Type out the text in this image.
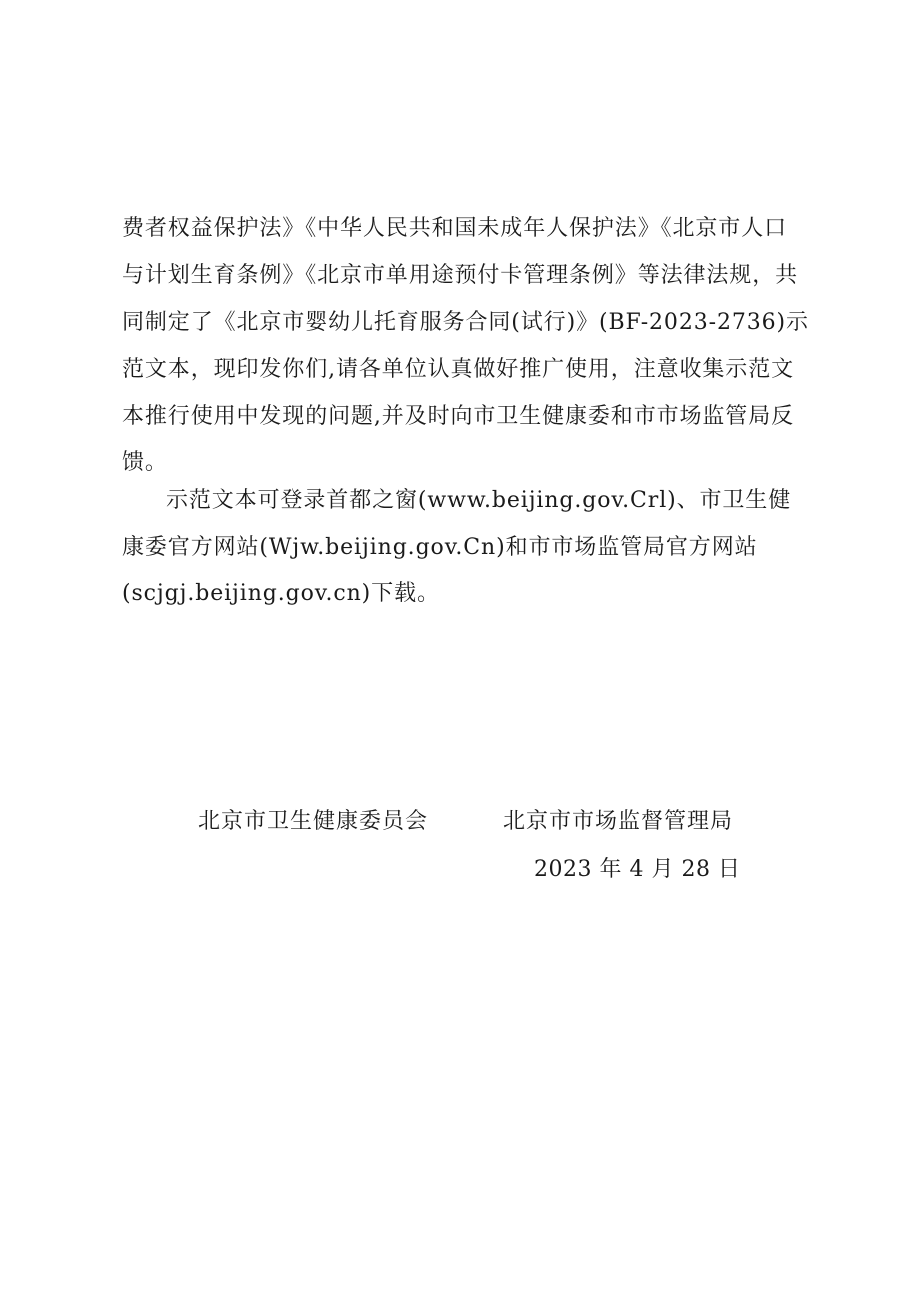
费者权益保护法》《中华人民共和国未成年人保护法》《北京市人口
与计划生育条例》《北京市单用途预付卡管理条例》等法律法规，共
同制定了《北京市婴幼儿托育服务合同(试行)》(BF-2023-2736)示
范文本，现印发你们,请各单位认真做好推广使用，注意收集示范文
本推行使用中发现的问题,并及时向市卫生健康委和市市场监管局反
馈。
示范文本可登录首都之窗(www.beijing.gov.Crl)、市卫生健
康委官方网站(Wjw.beijing.gov.Cn)和市市场监管局官方网站
(scjgj.beijing.gov.cn)下载。
北京市卫生健康委员会	北京市市场监督管理局
2023 年 4 月 28 日
